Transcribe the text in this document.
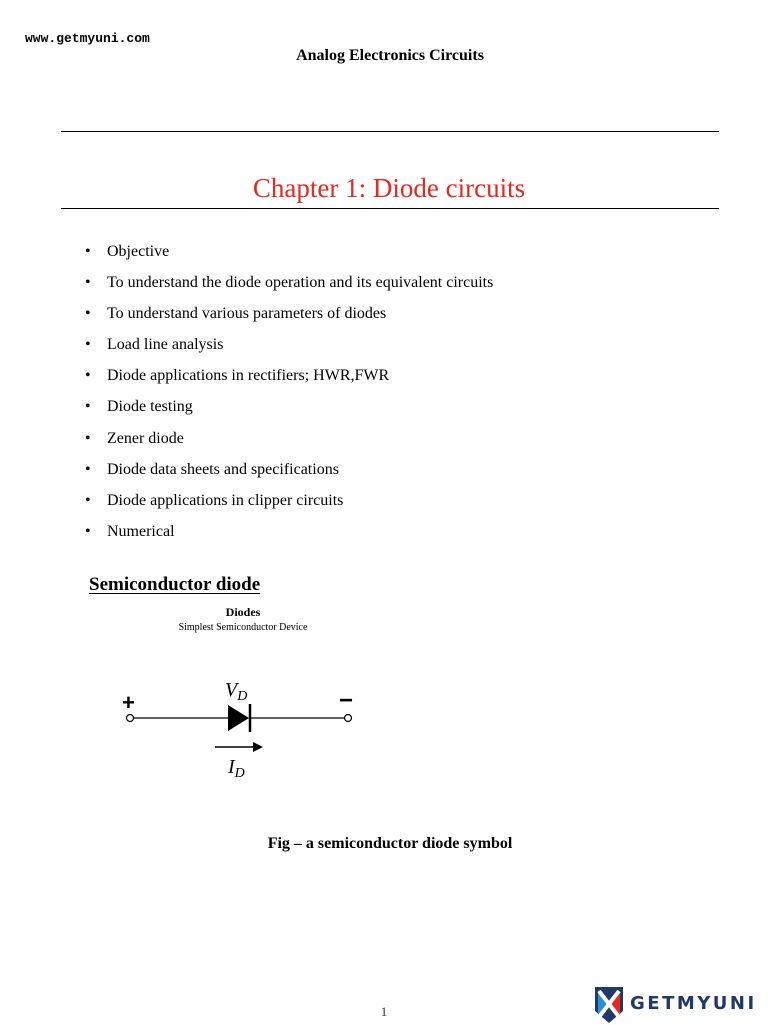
www.getmyuni.com
Analog Electronics Circuits
Chapter 1: Diode circuits
• Objective
• To understand the diode operation and its equivalent circuits
• To understand various parameters of diodes
• Load line analysis
• Diode applications in rectifiers; HWR,FWR
• Diode testing
• Zener diode
• Diode data sheets and specifications
• Diode applications in clipper circuits
• Numerical
Semiconductor diode
Diodes
Simplest Semiconductor Device
+	−
$V_D$
$I_D$
Fig – a semiconductor diode symbol
1	GETMYUNI
